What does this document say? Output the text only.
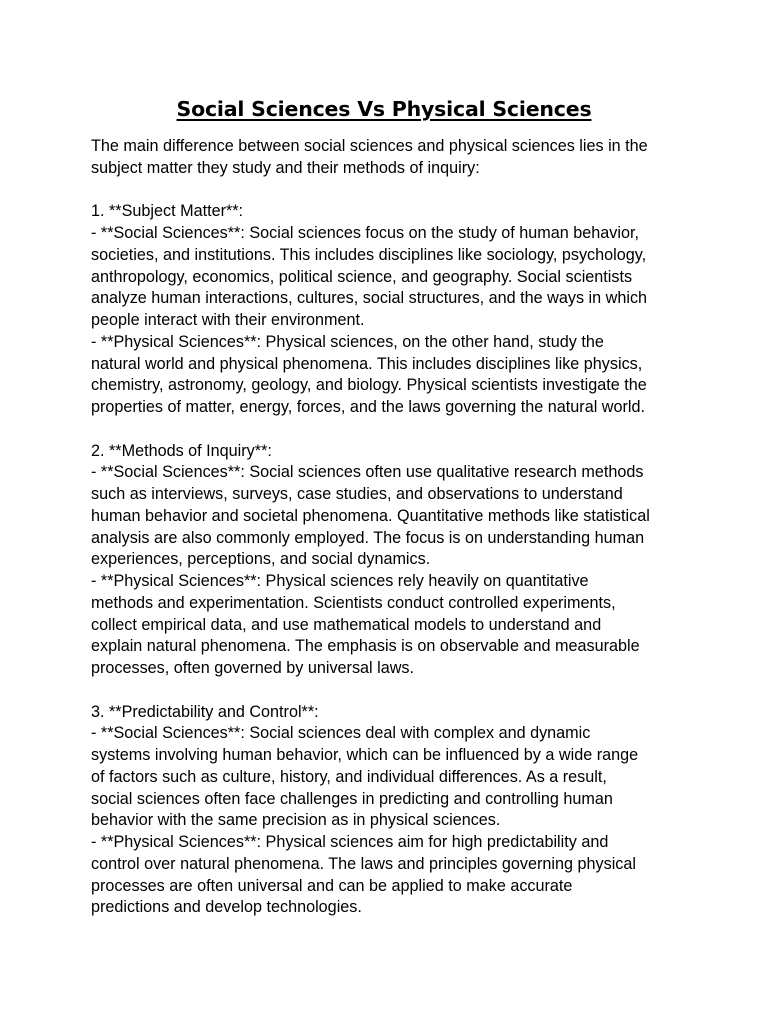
Social Sciences Vs Physical Sciences
The main difference between social sciences and physical sciences lies in the
subject matter they study and their methods of inquiry:
1. **Subject Matter**:
- **Social Sciences**: Social sciences focus on the study of human behavior,
societies, and institutions. This includes disciplines like sociology, psychology,
anthropology, economics, political science, and geography. Social scientists
analyze human interactions, cultures, social structures, and the ways in which
people interact with their environment.
- **Physical Sciences**: Physical sciences, on the other hand, study the
natural world and physical phenomena. This includes disciplines like physics,
chemistry, astronomy, geology, and biology. Physical scientists investigate the
properties of matter, energy, forces, and the laws governing the natural world.
2. **Methods of Inquiry**:
- **Social Sciences**: Social sciences often use qualitative research methods
such as interviews, surveys, case studies, and observations to understand
human behavior and societal phenomena. Quantitative methods like statistical
analysis are also commonly employed. The focus is on understanding human
experiences, perceptions, and social dynamics.
- **Physical Sciences**: Physical sciences rely heavily on quantitative
methods and experimentation. Scientists conduct controlled experiments,
collect empirical data, and use mathematical models to understand and
explain natural phenomena. The emphasis is on observable and measurable
processes, often governed by universal laws.
3. **Predictability and Control**:
- **Social Sciences**: Social sciences deal with complex and dynamic
systems involving human behavior, which can be influenced by a wide range
of factors such as culture, history, and individual differences. As a result,
social sciences often face challenges in predicting and controlling human
behavior with the same precision as in physical sciences.
- **Physical Sciences**: Physical sciences aim for high predictability and
control over natural phenomena. The laws and principles governing physical
processes are often universal and can be applied to make accurate
predictions and develop technologies.
